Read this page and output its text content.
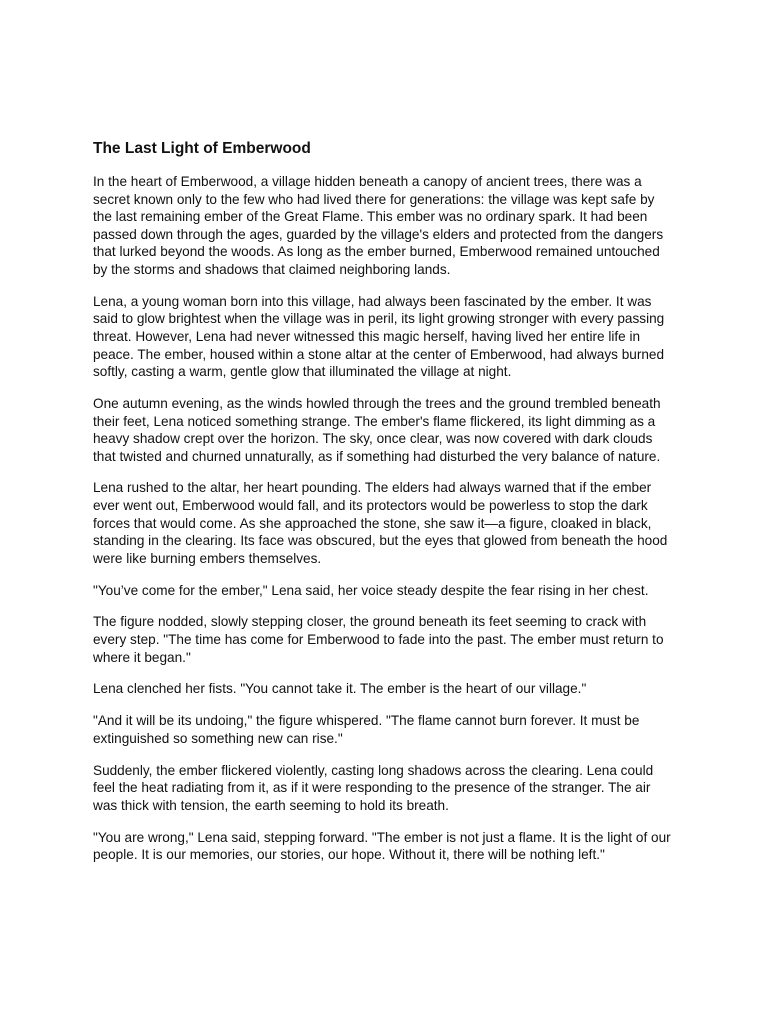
The Last Light of Emberwood

In the heart of Emberwood, a village hidden beneath a canopy of ancient trees, there was a secret known only to the few who had lived there for generations: the village was kept safe by the last remaining ember of the Great Flame. This ember was no ordinary spark. It had been passed down through the ages, guarded by the village's elders and protected from the dangers that lurked beyond the woods. As long as the ember burned, Emberwood remained untouched by the storms and shadows that claimed neighboring lands.

Lena, a young woman born into this village, had always been fascinated by the ember. It was said to glow brightest when the village was in peril, its light growing stronger with every passing threat. However, Lena had never witnessed this magic herself, having lived her entire life in peace. The ember, housed within a stone altar at the center of Emberwood, had always burned softly, casting a warm, gentle glow that illuminated the village at night.

One autumn evening, as the winds howled through the trees and the ground trembled beneath their feet, Lena noticed something strange. The ember's flame flickered, its light dimming as a heavy shadow crept over the horizon. The sky, once clear, was now covered with dark clouds that twisted and churned unnaturally, as if something had disturbed the very balance of nature.

Lena rushed to the altar, her heart pounding. The elders had always warned that if the ember ever went out, Emberwood would fall, and its protectors would be powerless to stop the dark forces that would come. As she approached the stone, she saw it—a figure, cloaked in black, standing in the clearing. Its face was obscured, but the eyes that glowed from beneath the hood were like burning embers themselves.

"You’ve come for the ember," Lena said, her voice steady despite the fear rising in her chest.

The figure nodded, slowly stepping closer, the ground beneath its feet seeming to crack with every step. "The time has come for Emberwood to fade into the past. The ember must return to where it began."

Lena clenched her fists. "You cannot take it. The ember is the heart of our village."

"And it will be its undoing," the figure whispered. "The flame cannot burn forever. It must be extinguished so something new can rise."

Suddenly, the ember flickered violently, casting long shadows across the clearing. Lena could feel the heat radiating from it, as if it were responding to the presence of the stranger. The air was thick with tension, the earth seeming to hold its breath.

"You are wrong," Lena said, stepping forward. "The ember is not just a flame. It is the light of our people. It is our memories, our stories, our hope. Without it, there will be nothing left."
